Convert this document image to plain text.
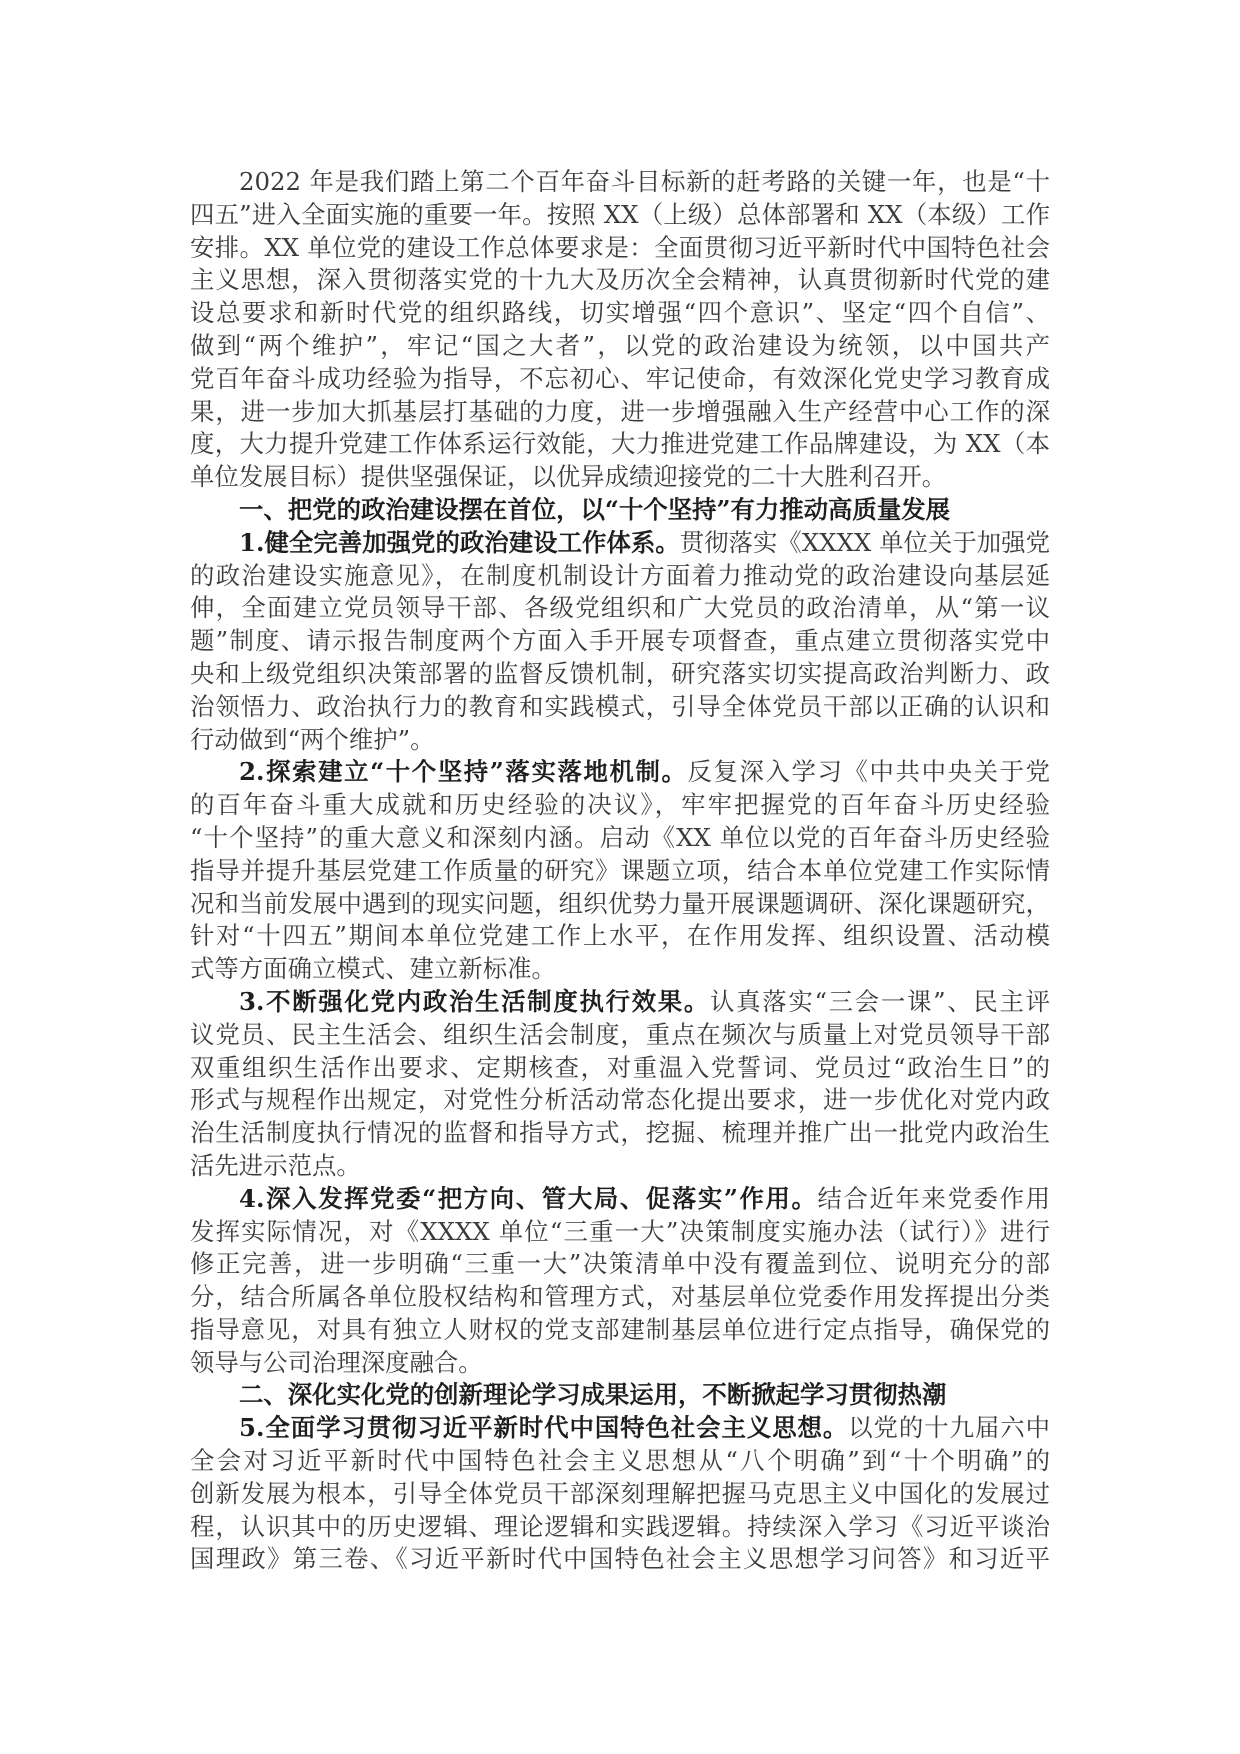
2022 年是我们踏上第二个百年奋斗目标新的赶考路的关键一年，也是“十
四五”进入全面实施的重要一年。按照 XX（上级）总体部署和 XX（本级）工作
安排。XX 单位党的建设工作总体要求是：全面贯彻习近平新时代中国特色社会
主义思想，深入贯彻落实党的十九大及历次全会精神，认真贯彻新时代党的建
设总要求和新时代党的组织路线，切实增强“四个意识”、坚定“四个自信”、
做到“两个维护”，牢记“国之大者”，以党的政治建设为统领，以中国共产
党百年奋斗成功经验为指导，不忘初心、牢记使命，有效深化党史学习教育成
果，进一步加大抓基层打基础的力度，进一步增强融入生产经营中心工作的深
度，大力提升党建工作体系运行效能，大力推进党建工作品牌建设，为 XX（本
单位发展目标）提供坚强保证，以优异成绩迎接党的二十大胜利召开。
一、把党的政治建设摆在首位，以“十个坚持”有力推动高质量发展
1.健全完善加强党的政治建设工作体系。贯彻落实《XXXX 单位关于加强党
的政治建设实施意见》，在制度机制设计方面着力推动党的政治建设向基层延
伸，全面建立党员领导干部、各级党组织和广大党员的政治清单，从“第一议
题”制度、请示报告制度两个方面入手开展专项督查，重点建立贯彻落实党中
央和上级党组织决策部署的监督反馈机制，研究落实切实提高政治判断力、政
治领悟力、政治执行力的教育和实践模式，引导全体党员干部以正确的认识和
行动做到“两个维护”。
2.探索建立“十个坚持”落实落地机制。反复深入学习《中共中央关于党
的百年奋斗重大成就和历史经验的决议》，牢牢把握党的百年奋斗历史经验
“十个坚持”的重大意义和深刻内涵。启动《XX 单位以党的百年奋斗历史经验
指导并提升基层党建工作质量的研究》课题立项，结合本单位党建工作实际情
况和当前发展中遇到的现实问题，组织优势力量开展课题调研、深化课题研究，
针对“十四五”期间本单位党建工作上水平，在作用发挥、组织设置、活动模
式等方面确立模式、建立新标准。
3.不断强化党内政治生活制度执行效果。认真落实“三会一课”、民主评
议党员、民主生活会、组织生活会制度，重点在频次与质量上对党员领导干部
双重组织生活作出要求、定期核查，对重温入党誓词、党员过“政治生日”的
形式与规程作出规定，对党性分析活动常态化提出要求，进一步优化对党内政
治生活制度执行情况的监督和指导方式，挖掘、梳理并推广出一批党内政治生
活先进示范点。
4.深入发挥党委“把方向、管大局、促落实”作用。结合近年来党委作用
发挥实际情况，对《XXXX 单位“三重一大”决策制度实施办法（试行）》进行
修正完善，进一步明确“三重一大”决策清单中没有覆盖到位、说明充分的部
分，结合所属各单位股权结构和管理方式，对基层单位党委作用发挥提出分类
指导意见，对具有独立人财权的党支部建制基层单位进行定点指导，确保党的
领导与公司治理深度融合。
二、深化实化党的创新理论学习成果运用，不断掀起学习贯彻热潮
5.全面学习贯彻习近平新时代中国特色社会主义思想。以党的十九届六中
全会对习近平新时代中国特色社会主义思想从“八个明确”到“十个明确”的
创新发展为根本，引导全体党员干部深刻理解把握马克思主义中国化的发展过
程，认识其中的历史逻辑、理论逻辑和实践逻辑。持续深入学习《习近平谈治
国理政》第三卷、《习近平新时代中国特色社会主义思想学习问答》和习近平
